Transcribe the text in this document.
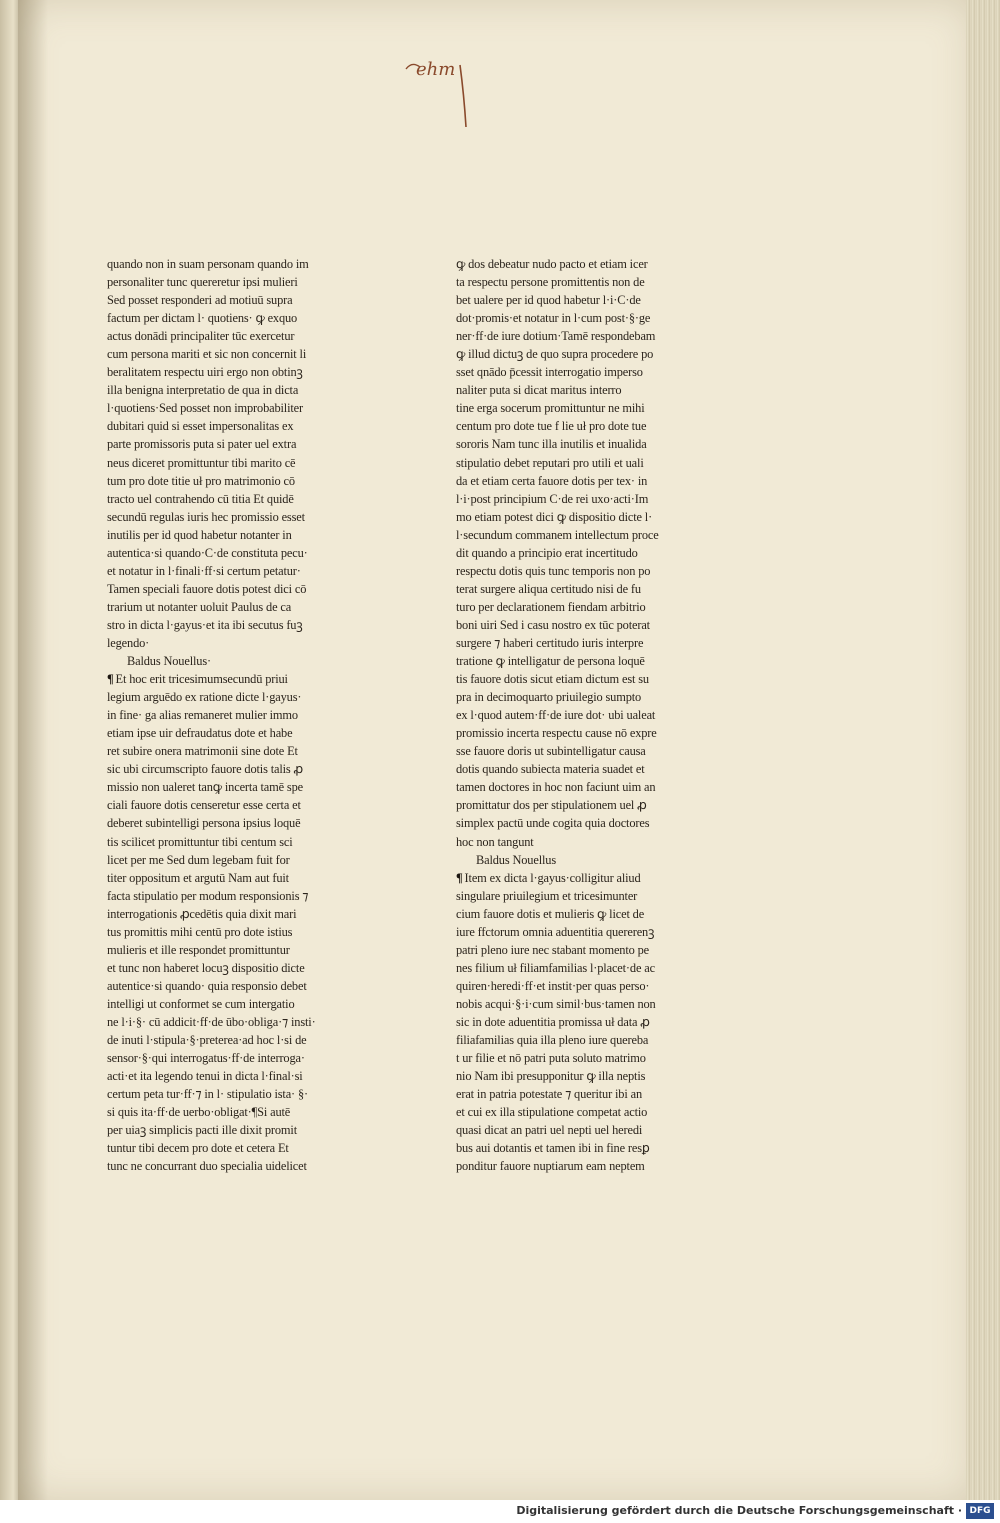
ehm
quando non in suam personam quando im
personaliter tunc quereretur ipsi mulieri
Sed posset responderi ad motiuū supra
factum per dictam l· quotiens· ꝙ exquo
actus donādi principaliter tūc exercetur
cum persona mariti et sic non concernit li
beralitatem respectu uiri ergo non obtinꝫ
illa benigna interpretatio de qua in dicta
l·quotiens·Sed posset non improbabiliter
dubitari quid si esset impersonalitas ex
parte promissoris puta si pater uel extra
neus diceret promittuntur tibi marito cē
tum pro dote titie uł pro matrimonio cō
tracto uel contrahendo cū titia Et quidē
secundū regulas iuris hec promissio esset
inutilis per id quod habetur notanter in
autentica·si quando·C·de constituta pecu·
et notatur in l·finali·ff·si certum petatur·
Tamen speciali fauore dotis potest dici cō
trarium ut notanter uoluit Paulus de ca
stro in dicta l·gayus·et ita ibi secutus fuꝫ
legendo·
Baldus Nouellus·
¶ Et hoc erit tricesimumsecundū priui
legium arguēdo ex ratione dicte l·gayus·
in fine· ga alias remaneret mulier immo
etiam ipse uir defraudatus dote et habe
ret subire onera matrimonii sine dote Et
sic ubi circumscripto fauore dotis talis ꝓ
missio non ualeret tanꝙ incerta tamē spe
ciali fauore dotis censeretur esse certa et
deberet subintelligi persona ipsius loquē
tis scilicet promittuntur tibi centum sci
licet per me Sed dum legebam fuit for
titer oppositum et argutū Nam aut fuit
facta stipulatio per modum responsionis ⁊
interrogationis ꝓcedētis quia dixit mari
tus promittis mihi centū pro dote istius
mulieris et ille respondet promittuntur
et tunc non haberet locuꝫ dispositio dicte
autentice·si quando· quia responsio debet
intelligi ut conformet se cum intergatio
ne l·i·§· cū addicit·ff·de ūbo·obliga·⁊ insti·
de inuti l·stipula·§·preterea·ad hoc l·si de
sensor·§·qui interrogatus·ff·de interroga·
acti·et ita legendo tenui in dicta l·final·si
certum peta tur·ff·⁊ in l· stipulatio ista· §·
si quis ita·ff·de uerbo·obligat·¶Si autē
per uiaꝫ simplicis pacti ille dixit promit
tuntur tibi decem pro dote et cetera Et
tunc ne concurrant duo specialia uidelicet
ꝙ dos debeatur nudo pacto et etiam icer
ta respectu persone promittentis non de
bet ualere per id quod habetur l·i·C·de
dot·promis·et notatur in l·cum post·§·ge
ner·ff·de iure dotium·Tamē respondebam
ꝙ illud dictuꝫ de quo supra procedere po
sset qnādo p̄cessit interrogatio imperso
naliter puta si dicat maritus interro
tine erga socerum promittuntur ne mihi
centum pro dote tue f lie uł pro dote tue
sororis Nam tunc illa inutilis et inualida
stipulatio debet reputari pro utili et uali
da et etiam certa fauore dotis per tex· in
l·i·post principium C·de rei uxo·acti·Im
mo etiam potest dici ꝙ dispositio dicte l·
l·secundum commanem intellectum proce
dit quando a principio erat incertitudo
respectu dotis quis tunc temporis non po
terat surgere aliqua certitudo nisi de fu
turo per declarationem fiendam arbitrio
boni uiri Sed i casu nostro ex tūc poterat
surgere ⁊ haberi certitudo iuris interpre
tratione ꝙ intelligatur de persona loquē
tis fauore dotis sicut etiam dictum est su
pra in decimoquarto priuilegio sumpto
ex l·quod autem·ff·de iure dot· ubi ualeat
promissio incerta respectu cause nō expre
sse fauore doris ut subintelligatur causa
dotis quando subiecta materia suadet et
tamen doctores in hoc non faciunt uim an
promittatur dos per stipulationem uel ꝓ
simplex pactū unde cogita quia doctores
hoc non tangunt
Baldus Nouellus
¶ Item ex dicta l·gayus·colligitur aliud
singulare priuilegium et tricesimunter
cium fauore dotis et mulieris ꝙ licet de
iure ffctorum omnia aduentitia quererenꝫ
patri pleno iure nec stabant momento pe
nes filium uł filiamfamilias l·placet·de ac
quiren·heredi·ff·et instit·per quas perso·
nobis acqui·§·i·cum simil·bus·tamen non
sic in dote aduentitia promissa uł data ꝓ
filiafamilias quia illa pleno iure quereba
t ur filie et nō patri puta soluto matrimo
nio Nam ibi presupponitur ꝙ illa neptis
erat in patria potestate ⁊ queritur ibi an
et cui ex illa stipulatione competat actio
quasi dicat an patri uel nepti uel heredi
bus aui dotantis et tamen ibi in fine resꝑ
ponditur fauore nuptiarum eam neptem
Digitalisierung gefördert durch die Deutsche Forschungsgemeinschaft · DFG
